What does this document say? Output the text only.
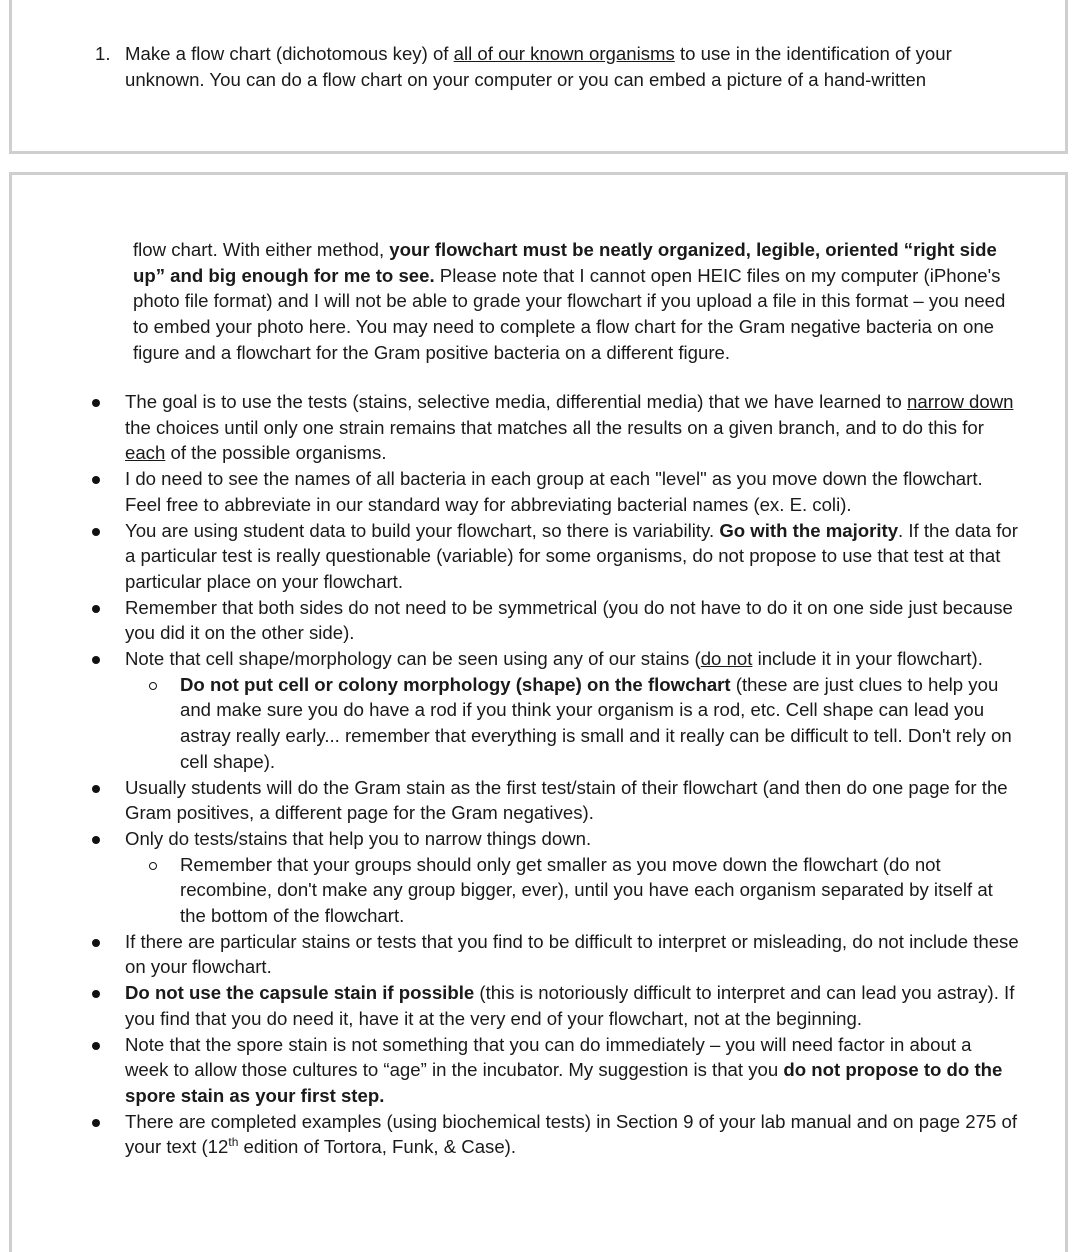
1. Make a flow chart (dichotomous key) of all of our known organisms to use in the identification of your unknown. You can do a flow chart on your computer or you can embed a picture of a hand-written
flow chart. With either method, your flowchart must be neatly organized, legible, oriented “right side up” and big enough for me to see. Please note that I cannot open HEIC files on my computer (iPhone's photo file format) and I will not be able to grade your flowchart if you upload a file in this format – you need to embed your photo here. You may need to complete a flow chart for the Gram negative bacteria on one figure and a flowchart for the Gram positive bacteria on a different figure.
The goal is to use the tests (stains, selective media, differential media) that we have learned to narrow down the choices until only one strain remains that matches all the results on a given branch, and to do this for each of the possible organisms.
I do need to see the names of all bacteria in each group at each "level" as you move down the flowchart. Feel free to abbreviate in our standard way for abbreviating bacterial names (ex. E. coli).
You are using student data to build your flowchart, so there is variability. Go with the majority. If the data for a particular test is really questionable (variable) for some organisms, do not propose to use that test at that particular place on your flowchart.
Remember that both sides do not need to be symmetrical (you do not have to do it on one side just because you did it on the other side).
Note that cell shape/morphology can be seen using any of our stains (do not include it in your flowchart).
Do not put cell or colony morphology (shape) on the flowchart (these are just clues to help you and make sure you do have a rod if you think your organism is a rod, etc. Cell shape can lead you astray really early... remember that everything is small and it really can be difficult to tell. Don't rely on cell shape).
Usually students will do the Gram stain as the first test/stain of their flowchart (and then do one page for the Gram positives, a different page for the Gram negatives).
Only do tests/stains that help you to narrow things down.
Remember that your groups should only get smaller as you move down the flowchart (do not recombine, don't make any group bigger, ever), until you have each organism separated by itself at the bottom of the flowchart.
If there are particular stains or tests that you find to be difficult to interpret or misleading, do not include these on your flowchart.
Do not use the capsule stain if possible (this is notoriously difficult to interpret and can lead you astray). If you find that you do need it, have it at the very end of your flowchart, not at the beginning.
Note that the spore stain is not something that you can do immediately – you will need factor in about a week to allow those cultures to “age” in the incubator. My suggestion is that you do not propose to do the spore stain as your first step.
There are completed examples (using biochemical tests) in Section 9 of your lab manual and on page 275 of your text (12th edition of Tortora, Funk, & Case).
